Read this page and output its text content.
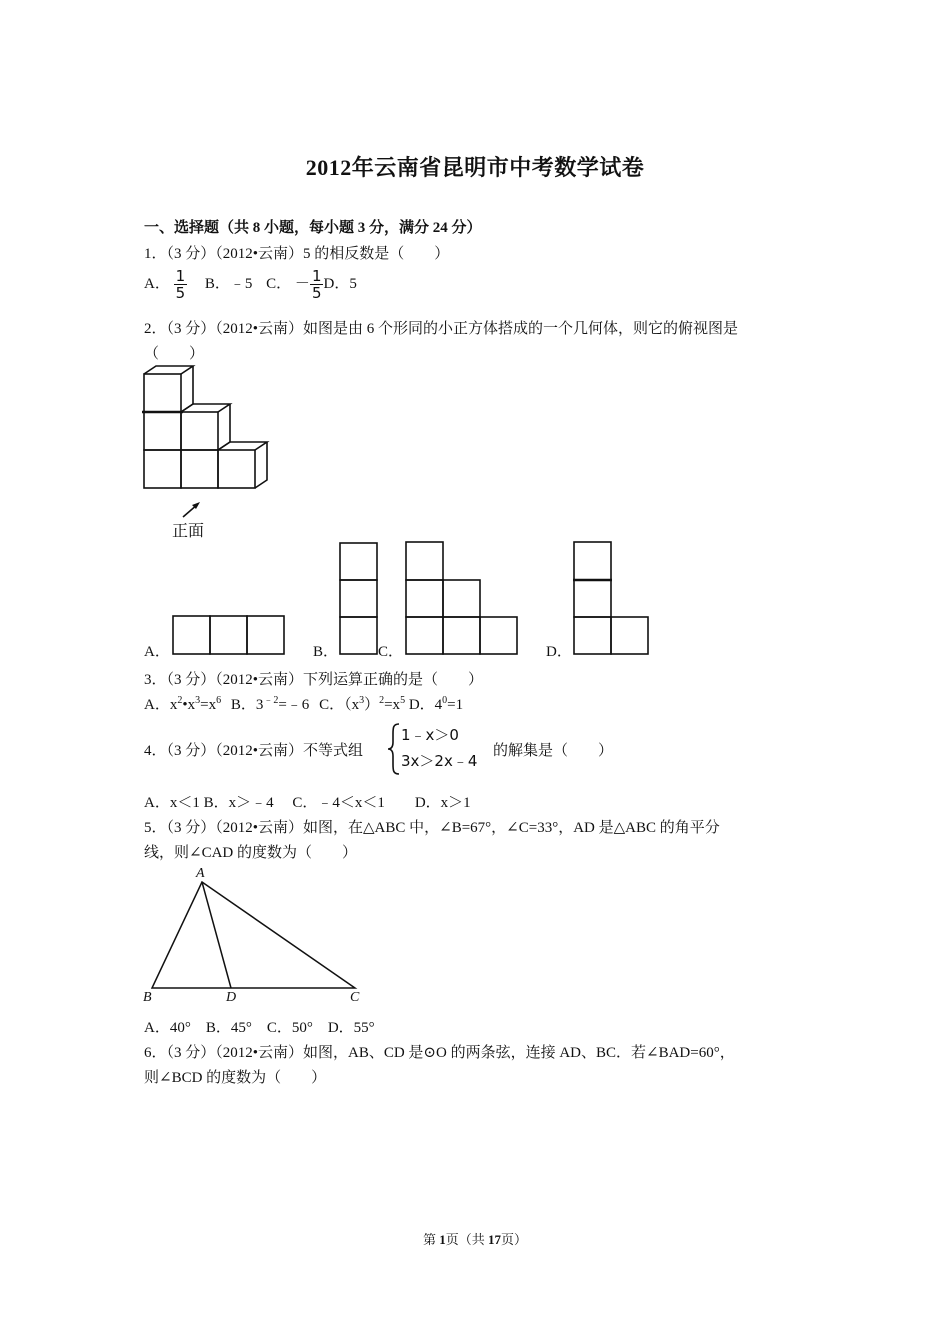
2012年云南省昆明市中考数学试卷
一、选择题（共 8 小题，每小题 3 分，满分 24 分）
1．（3 分）（2012•云南）5 的相反数是（　　）
A． $\frac{1}{5}$ B．﹣5 C． － $\frac{1}{5}$ D．5
2．（3 分）（2012•云南）如图是由 6 个形同的小正方体搭成的一个几何体，则它的俯视图是
（　　）
正面
A．	B．	C．	D．
3．（3 分）（2012•云南）下列运算正确的是（　　）
A．$x^2•x^3=x^6$ B．$3^{﹣2}=﹣6$ C．$(x^3)^2=x^5$ D．$4^0=1$
4．（3 分）（2012•云南）不等式组
1﹣x＞0
3x＞2x﹣4
的解集是（　　）
A．x＜1 B．x＞﹣4　 C．﹣4＜x＜1　　D．x＞1
5．（3 分）（2012•云南）如图，在△ABC 中，∠B=67°，∠C=33°，AD 是△ABC 的角平分
线，则∠CAD 的度数为（　　）
A
B	D	C
A．40°　B．45°　C．50°　D．55°
6．（3 分）（2012•云南）如图，AB、CD 是⊙O 的两条弦，连接 AD、BC．若∠BAD=60°，
则∠BCD 的度数为（　　）
第 1页（共 17页）
